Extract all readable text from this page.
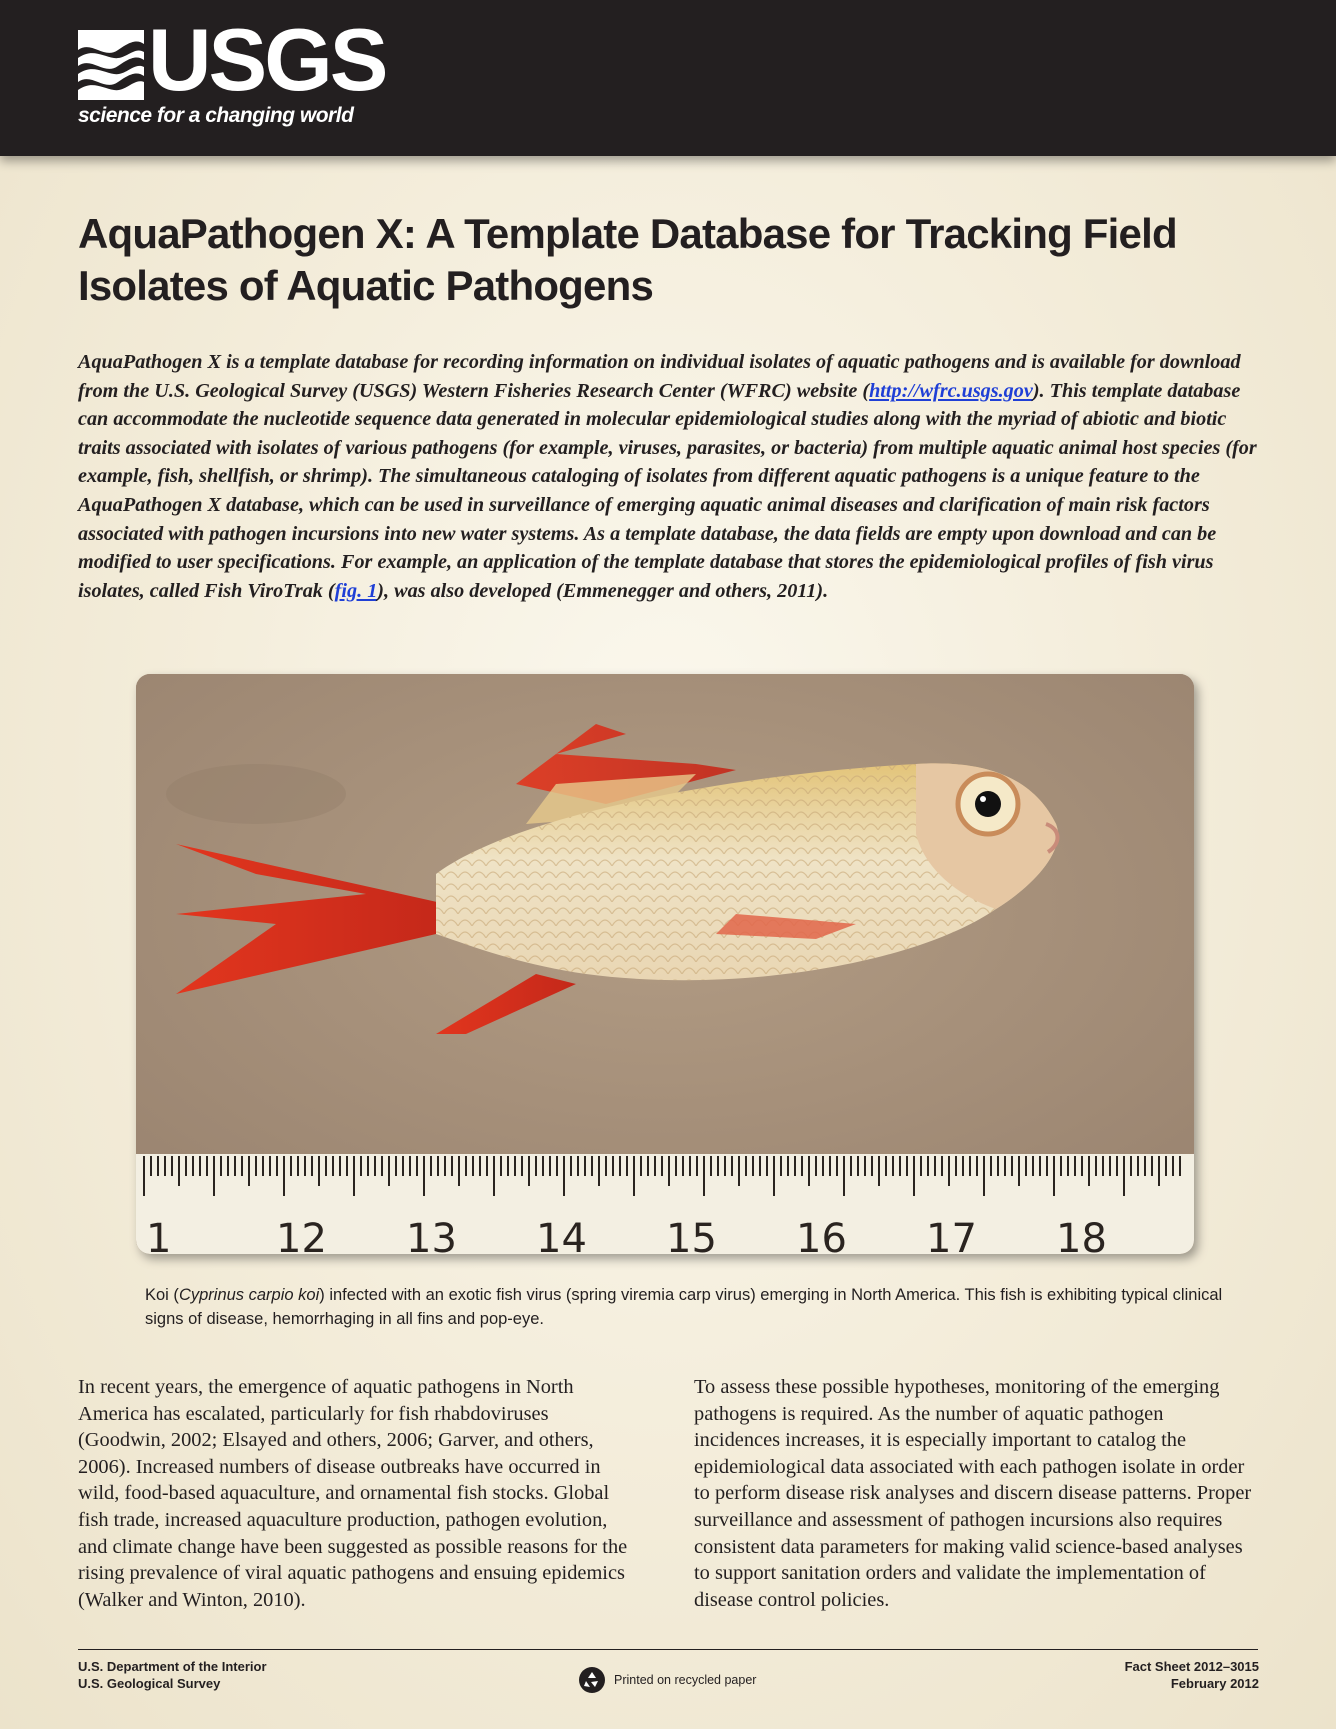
USGS
science for a changing world
AquaPathogen X: A Template Database for Tracking Field
Isolates of Aquatic Pathogens

AquaPathogen X is a template database for recording information on individual isolates of aquatic pathogens and is available for download from the U.S. Geological Survey (USGS) Western Fisheries Research Center (WFRC) website (http://wfrc.usgs.gov). This template database can accommodate the nucleotide sequence data generated in molecular epidemiological studies along with the myriad of abiotic and biotic traits associated with isolates of various pathogens (for example, viruses, parasites, or bacteria) from multiple aquatic animal host species (for example, fish, shellfish, or shrimp). The simultaneous cataloging of isolates from different aquatic pathogens is a unique feature to the AquaPathogen X database, which can be used in surveillance of emerging aquatic animal diseases and clarification of main risk factors associated with pathogen incursions into new water systems. As a template database, the data fields are empty upon download and can be modified to user specifications. For example, an application of the template database that stores the epidemiological profiles of fish virus isolates, called Fish ViroTrak (fig. 1), was also developed (Emmenegger and others, 2011).

1	12 13 14 15 16 17 18

Koi (Cyprinus carpio koi) infected with an exotic fish virus (spring viremia carp virus) emerging in North America. This fish is exhibiting typical clinical signs of disease, hemorrhaging in all fins and pop-eye.

In recent years, the emergence of aquatic pathogens in North America has escalated, particularly for fish rhabdoviruses (Goodwin, 2002; Elsayed and others, 2006; Garver, and others, 2006). Increased numbers of disease outbreaks have occurred in wild, food-based aquaculture, and ornamental fish stocks. Global fish trade, increased aquaculture production, pathogen evolution, and climate change have been suggested as possible reasons for the rising prevalence of viral aquatic pathogens and ensuing epidemics (Walker and Winton, 2010).

To assess these possible hypotheses, monitoring of the emerging pathogens is required. As the number of aquatic pathogen incidences increases, it is especially important to catalog the epidemiological data associated with each pathogen isolate in order to perform disease risk analyses and discern disease patterns. Proper surveillance and assessment of pathogen incursions also requires consistent data parameters for making valid science-based analyses to support sanitation orders and validate the implementation of disease control policies.

U.S. Department of the Interior
U.S. Geological Survey	Printed on recycled paper
Fact Sheet 2012–3015
February 2012
